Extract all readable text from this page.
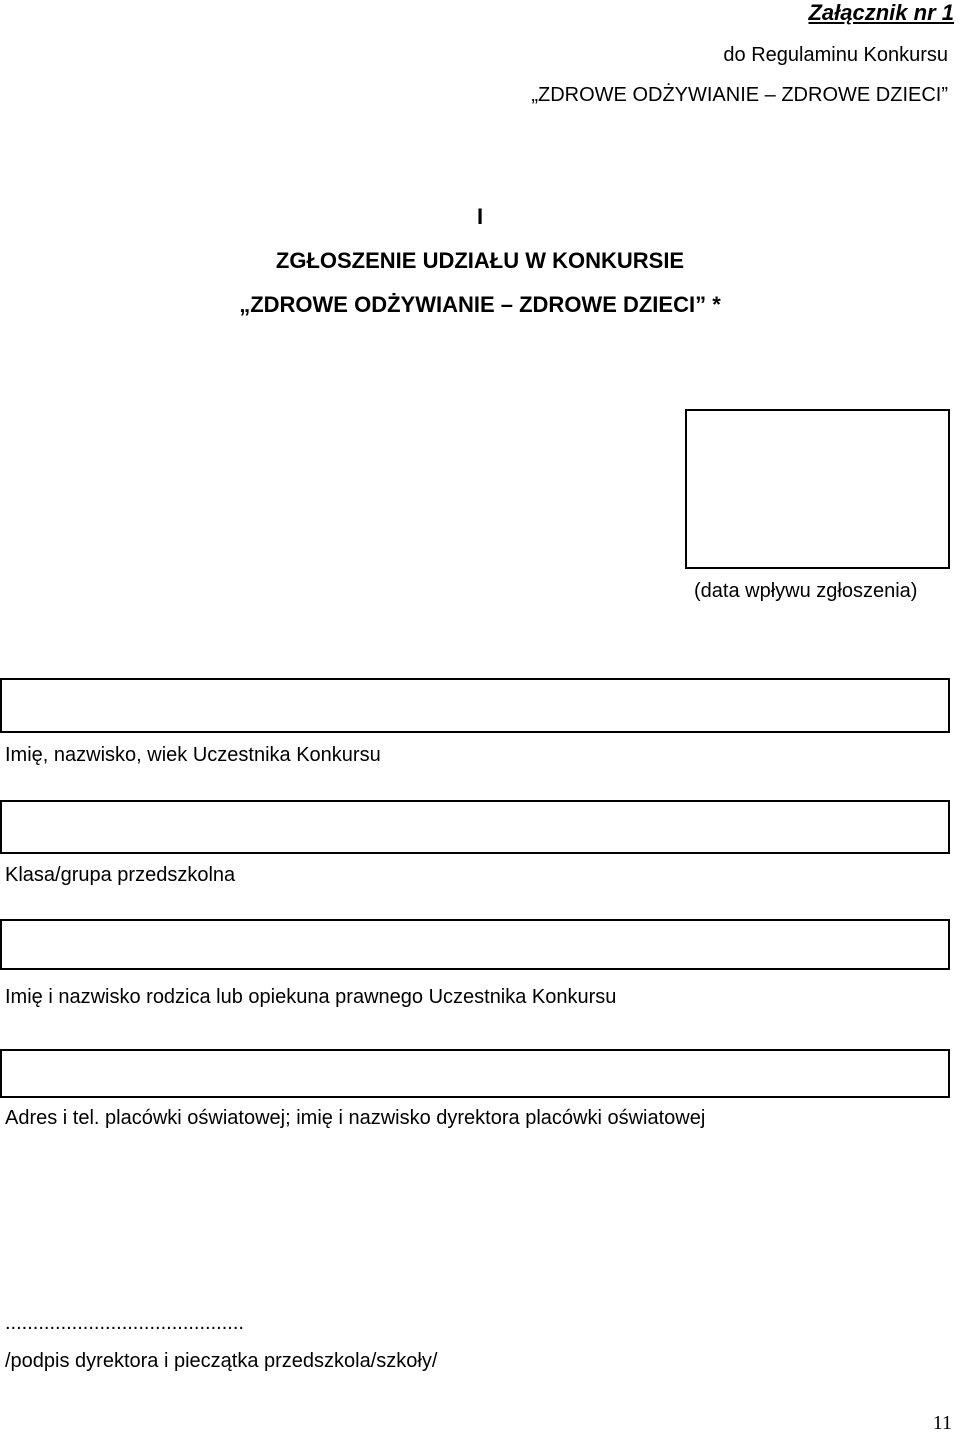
Załącznik nr 1
do Regulaminu Konkursu
„ZDROWE ODŻYWIANIE – ZDROWE DZIECI”
I
ZGŁOSZENIE UDZIAŁU W KONKURSIE
„ZDROWE ODŻYWIANIE – ZDROWE DZIECI” *
(data wpływu zgłoszenia)
Imię, nazwisko, wiek Uczestnika Konkursu
Klasa/grupa przedszkolna
Imię i nazwisko rodzica lub opiekuna prawnego Uczestnika Konkursu
Adres i tel. placówki oświatowej; imię i nazwisko dyrektora placówki oświatowej
...........................................
/podpis dyrektora i pieczątka przedszkola/szkoły/
11
